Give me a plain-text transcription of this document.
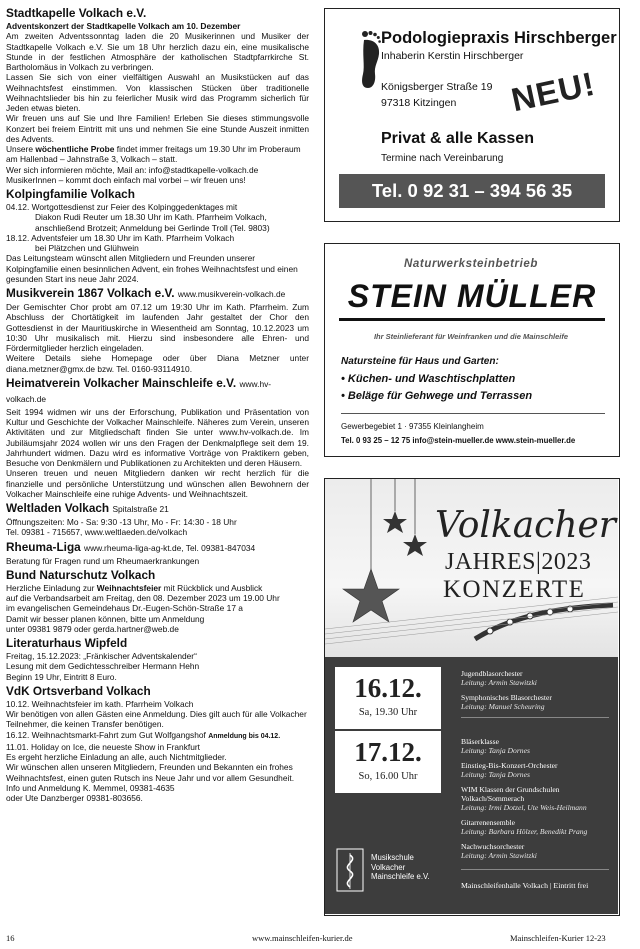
Stadtkapelle Volkach e.V.

Adventskonzert der Stadtkapelle Volkach am 10. Dezember

Am zweiten Adventssonntag laden die 20 Musikerinnen und Musiker der Stadtkapelle Volkach e.V. Sie um 18 Uhr herzlich dazu ein, eine musikalische Stunde in der festlichen Atmosphäre der katholischen Stadtpfarrkirche St. Bartholomäus in Volkach zu verbringen.

Lassen Sie sich von einer vielfältigen Auswahl an Musikstücken auf das Weihnachtsfest einstimmen. Von klassischen Stücken über traditionelle Weihnachtslieder bis hin zu feierlicher Musik wird das Programm sicherlich für Jeden etwas bieten.

Wir freuen uns auf Sie und Ihre Familien! Erleben Sie dieses stimmungsvolle Konzert bei freiem Eintritt mit uns und nehmen Sie eine Stunde Auszeit inmitten des Advents.

Unsere wöchentliche Probe findet immer freitags um 19.30 Uhr im Proberaum am Hallenbad – Jahnstraße 3, Volkach – statt.

Wer sich informieren möchte, Mail an: info@stadtkapelle-volkach.de

MusikerInnen – kommt doch einfach mal vorbei – wir freuen uns!

Kolpingfamilie Volkach

04.12. Wortgottesdienst zur Feier des Kolpinggedenktages mit

Diakon Rudi Reuter um 18.30 Uhr im Kath. Pfarrheim Volkach,

anschließend Brotzeit; Anmeldung bei Gerlinde Troll (Tel. 9803)

18.12. Adventsfeier um 18.30 Uhr im Kath. Pfarrheim Volkach

bei Plätzchen und Glühwein

Das Leitungsteam wünscht allen Mitgliedern und Freunden unserer Kolpingfamilie einen besinnlichen Advent, ein frohes Weihnachtsfest und einen gesunden Start ins neue Jahr 2024.

Musikverein 1867 Volkach e.V. www.musikverein-volkach.de

Der Gemischter Chor probt am 07.12 um 19:30 Uhr im Kath. Pfarrheim. Zum Abschluss der Chortätigkeit im laufenden Jahr gestaltet der Chor den Gottesdienst in der Mauritiuskirche in Wiesentheid am Sonntag, 10.12.2023 um 10:30 Uhr musikalisch mit. Hierzu sind insbesondere alle Ehren- und Fördermitglieder herzlich eingeladen.

Weitere Details siehe Homepage oder über Diana Metzner unter diana.metzner@gmx.de bzw. Tel. 0160-93114910.

Heimatverein Volkacher Mainschleife e.V. www.hv-volkach.de

Seit 1994 widmen wir uns der Erforschung, Publikation und Präsentation von Kultur und Geschichte der Volkacher Mainschleife. Näheres zum Verein, unseren Aktivitäten und zur Mitgliedschaft finden Sie unter www.hv-volkach.de. Im Jubiläumsjahr 2024 wollen wir uns den Fragen der Denkmalpflege seit dem 19. Jahrhundert widmen. Dazu wird es informative Vorträge von Praktikern geben, Besuche von Denkmälern und Publikationen zu Architekten und deren Häusern.

Unseren treuen und neuen Mitgliedern danken wir recht herzlich für die finanzielle und persönliche Unterstützung und wünschen allen Bewohnern der Volkacher Mainschleife eine ruhige Advents- und Weihnachtszeit.

Weltladen Volkach Spitalstraße 21

Öffnungszeiten: Mo - Sa: 9:30 -13 Uhr, Mo - Fr: 14:30 - 18 Uhr

Tel. 09381 - 715657, www.weltlaeden.de/volkach

Rheuma-Liga www.rheuma-liga-ag-kt.de, Tel. 09381-847034

Beratung für Fragen rund um Rheumaerkrankungen

Bund Naturschutz Volkach

Herzliche Einladung zur Weihnachtsfeier mit Rückblick und Ausblick

auf die Verbandsarbeit am Freitag, den 08. Dezember 2023 um 19.00 Uhr

im evangelischen Gemeindehaus Dr.-Eugen-Schön-Straße 17 a

Damit wir besser planen können, bitte um Anmeldung

unter 09381 9879 oder gerda.hartner@web.de

Literaturhaus Wipfeld

Freitag, 15.12.2023: „Fränkischer Adventskalender“

Lesung mit dem Gedichtesschreiber Hermann Hehn

Beginn 19 Uhr, Eintritt 8 Euro.

VdK Ortsverband Volkach

10.12. Weihnachtsfeier im kath. Pfarrheim Volkach

Wir benötigen von allen Gästen eine Anmeldung. Dies gilt auch für alle Volkacher Teilnehmer, die keinen Transfer benötigen.

16.12. Weihnachtsmarkt-Fahrt zum Gut Wolfgangshof Anmeldung bis 04.12.

11.01. Holiday on Ice, die neueste Show in Frankfurt

Es ergeht herzliche Einladung an alle, auch Nichtmitglieder.

Wir wünschen allen unseren Mitgliedern, Freunden und Bekannten ein frohes Weihnachtsfest, einen guten Rutsch ins Neue Jahr und vor allem Gesundheit.

Info und Anmeldung K. Memmel, 09381-4635

oder Ute Danzberger 09381-803656.

Podologiepraxis Hirschberger
Inhaberin Kerstin Hirschberger
Königsberger Straße 19
97318 Kitzingen	NEU!
Privat & alle Kassen
Termine nach Vereinbarung
Tel. 0 92 31 – 394 56 35
Naturwerksteinbetrieb
STEIN MÜLLER
Ihr Steinlieferant für Weinfranken und die Mainschleife
Natursteine für Haus und Garten:
• Küchen- und Waschtischplatten
• Beläge für Gehwege und Terrassen
Gewerbegebiet 1 · 97355 Kleinlangheim
Tel. 0 93 25 – 12 75 info@stein-mueller.de www.stein-mueller.de
Volkacher
JAHRES|2023
KONZERTE
16.12.
Sa, 19.30 Uhr
Jugendblasorchester
Leitung: Armin Stawitzki
Symphonisches Blasorchester
Leitung: Manuel Scheuring
17.12.
So, 16.00 Uhr
Bläserklasse
Leitung: Tanja Dornes
Einstieg-Bis-Konzert-Orchester
Leitung: Tanja Dornes
WIM Klassen der Grundschulen Volkach/Sommerach
Leitung: Irmi Dotzel, Ute Weis-Heilmann
Gitarrenensemble
Leitung: Barbara Hölzer, Benedikt Prang
Nachwuchsorchester
Leitung: Armin Stawitzki
Musikschule
Volkacher
Mainschleife e.V.
Mainschleifenhalle Volkach | Eintritt frei
16	www.mainschleifen-kurier.de	Mainschleifen-Kurier 12-23
